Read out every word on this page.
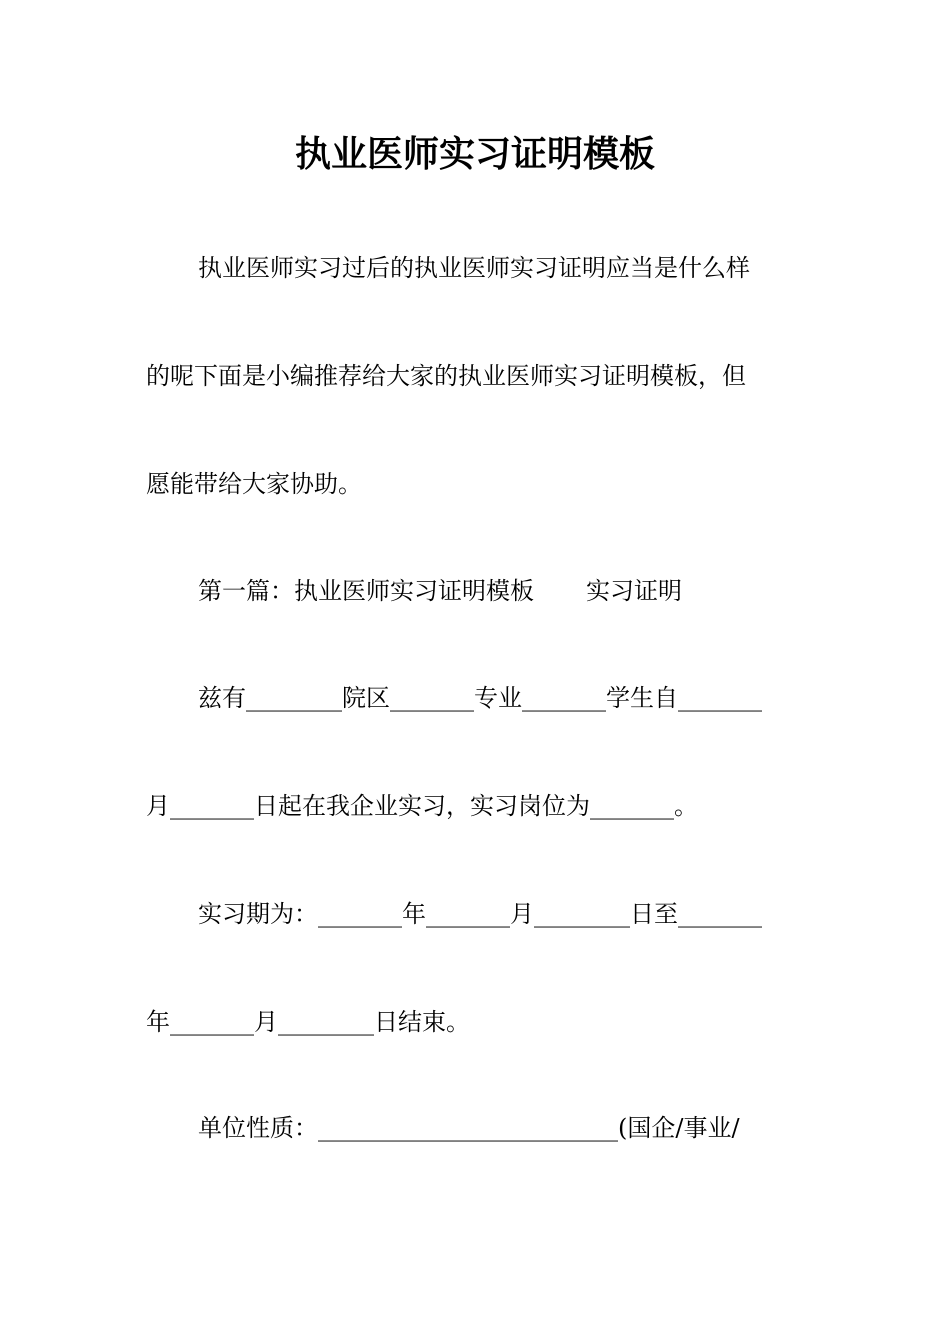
执业医师实习证明模板
执业医师实习过后的执业医师实习证明应当是什么样
的呢下面是小编推荐给大家的执业医师实习证明模板，但
愿能带给大家协助。
第一篇：执业医师实习证明模板 实习证明
兹有________院区_______专业_______学生自_______
月_______日起在我企业实习，实习岗位为_______。
实习期为：_______年_______月________日至_______
年_______月________日结束。
单位性质：_________________________(国企/事业/
